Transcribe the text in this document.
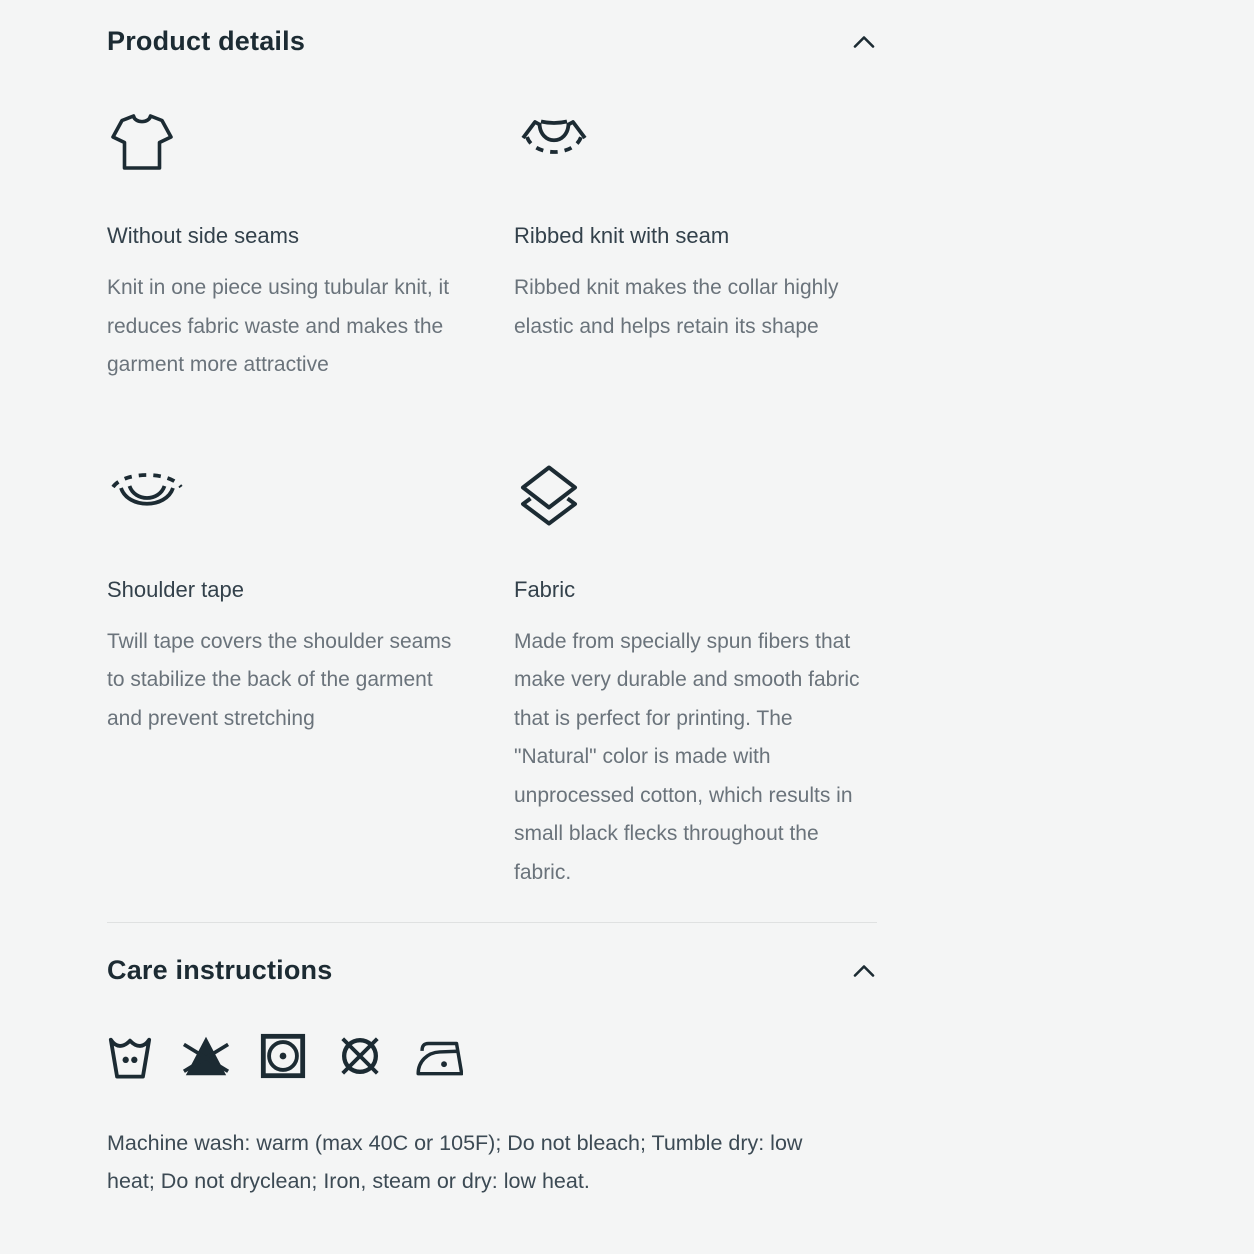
Product details
Without side seams

Knit in one piece using tubular knit, it reduces fabric waste and makes the garment more attractive

Ribbed knit with seam

Ribbed knit makes the collar highly elastic and helps retain its shape

Shoulder tape

Twill tape covers the shoulder seams to stabilize the back of the garment and prevent stretching

Fabric

Made from specially spun fibers that make very durable and smooth fabric that is perfect for printing. The "Natural" color is made with unprocessed cotton, which results in small black flecks throughout the fabric.

Care instructions

Machine wash: warm (max 40C or 105F); Do not bleach; Tumble dry: low heat; Do not dryclean; Iron, steam or dry: low heat.
